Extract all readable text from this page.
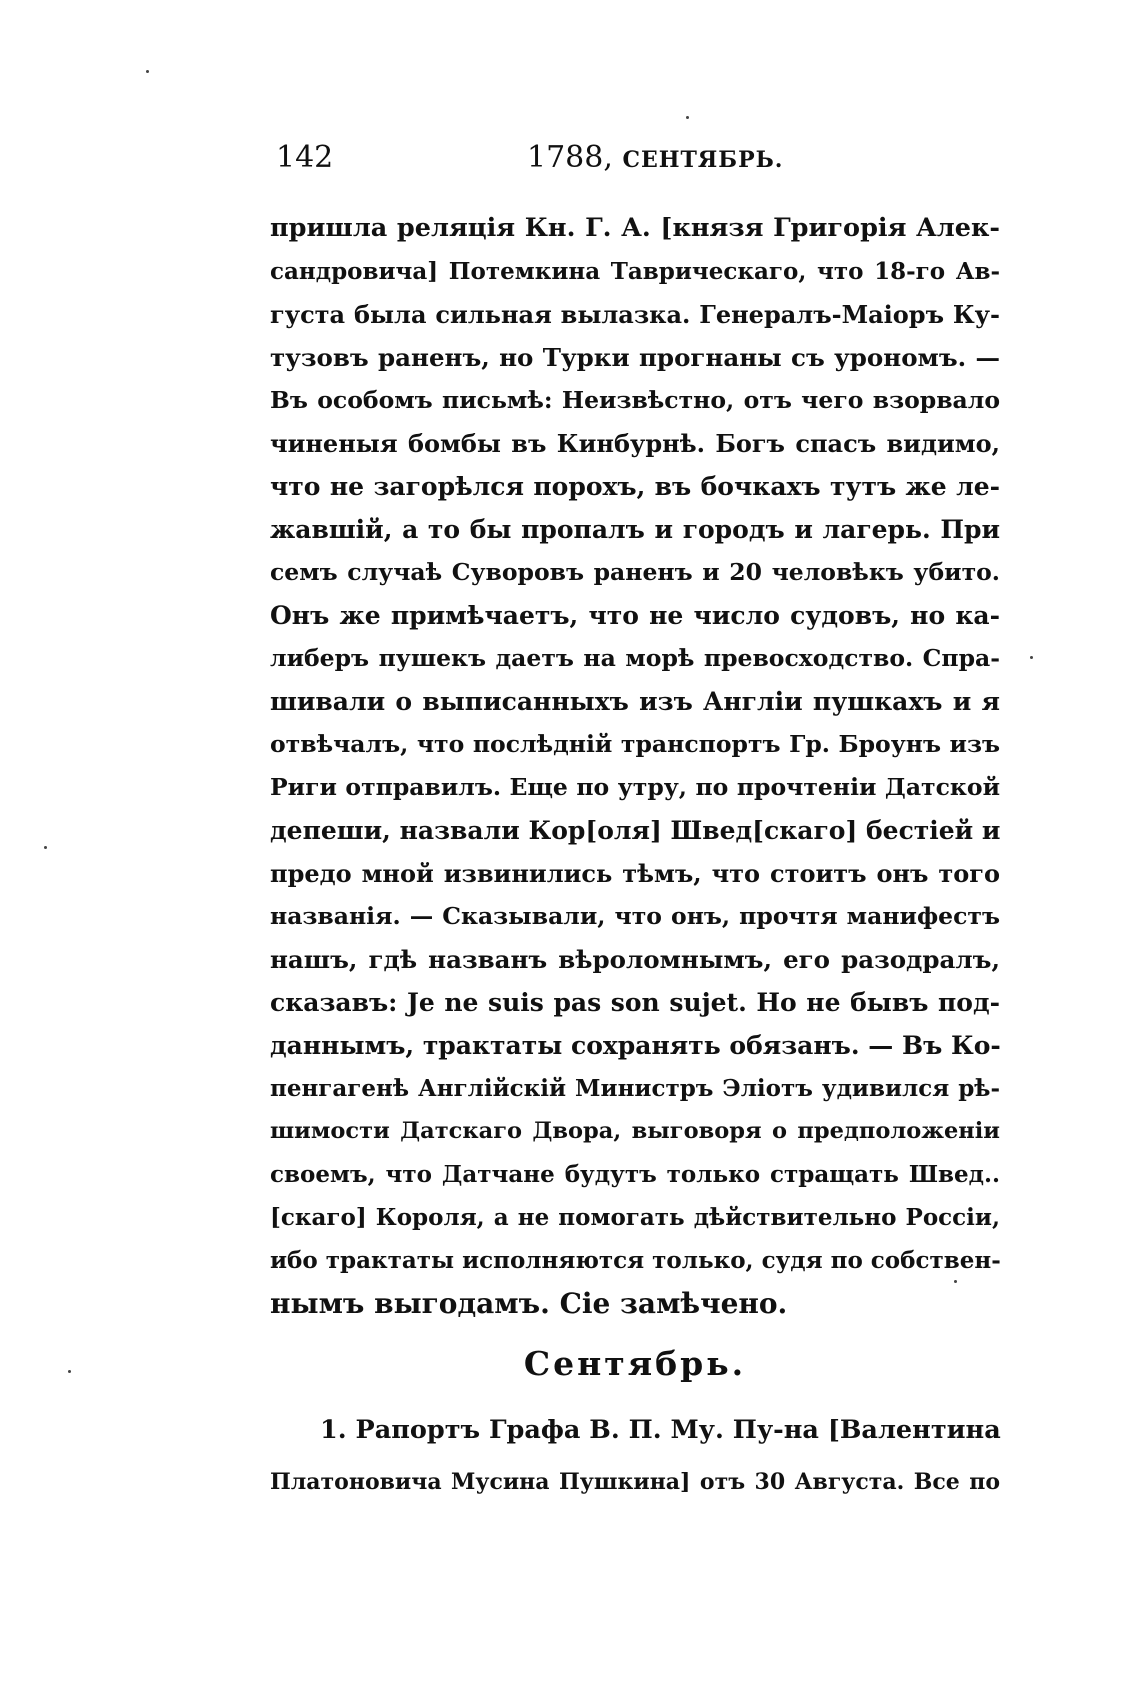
142	1788, СЕНТЯБРЬ.
пришла реляція Кн. Г. А. [князя Григорія Алек-
сандровича] Потемкина Таврическаго, что 18-го Ав-
густа была сильная вылазка. Генералъ-Маіоръ Ку-
тузовъ раненъ, но Турки прогнаны съ урономъ. —
Въ особомъ письмѣ: Неизвѣстно, отъ чего взорвало
чиненыя бомбы въ Кинбурнѣ. Богъ спасъ видимо,
что не загорѣлся порохъ, въ бочкахъ тутъ же ле-
жавшій, а то бы пропалъ и городъ и лагерь. При
семъ случаѣ Суворовъ раненъ и 20 человѣкъ убито.
Онъ же примѣчаетъ, что не число судовъ, но ка-
либеръ пушекъ даетъ на морѣ превосходство. Спра-
шивали о выписанныхъ изъ Англіи пушкахъ и я
отвѣчалъ, что послѣдній транспортъ Гр. Броунъ изъ
Риги отправилъ. Еще по утру, по прочтеніи Датской
депеши, назвали Кор[оля] Швед[скаго] бестіей и
предо мной извинились тѣмъ, что стоитъ онъ того
названія. — Сказывали, что онъ, прочтя манифестъ
нашъ, гдѣ названъ вѣроломнымъ, его разодралъ,
сказавъ: Je ne suis pas son sujet. Но не бывъ под-
даннымъ, трактаты сохранять обязанъ. — Въ Ко-
пенгагенѣ Англійскій Министръ Эліотъ удивился рѣ-
шимости Датскаго Двора, выговоря о предположеніи
своемъ, что Датчане будутъ только стращать Швед..
[скаго] Короля, а не помогать дѣйствительно Россіи,
ибо трактаты исполняются только, судя по собствен-
нымъ выгодамъ. Сіе замѣчено.
Сентябрь.
1. Рапортъ Графа В. П. Му. Пу-на [Валентина
Платоновича Мусина Пушкина] отъ 30 Августа. Все по
